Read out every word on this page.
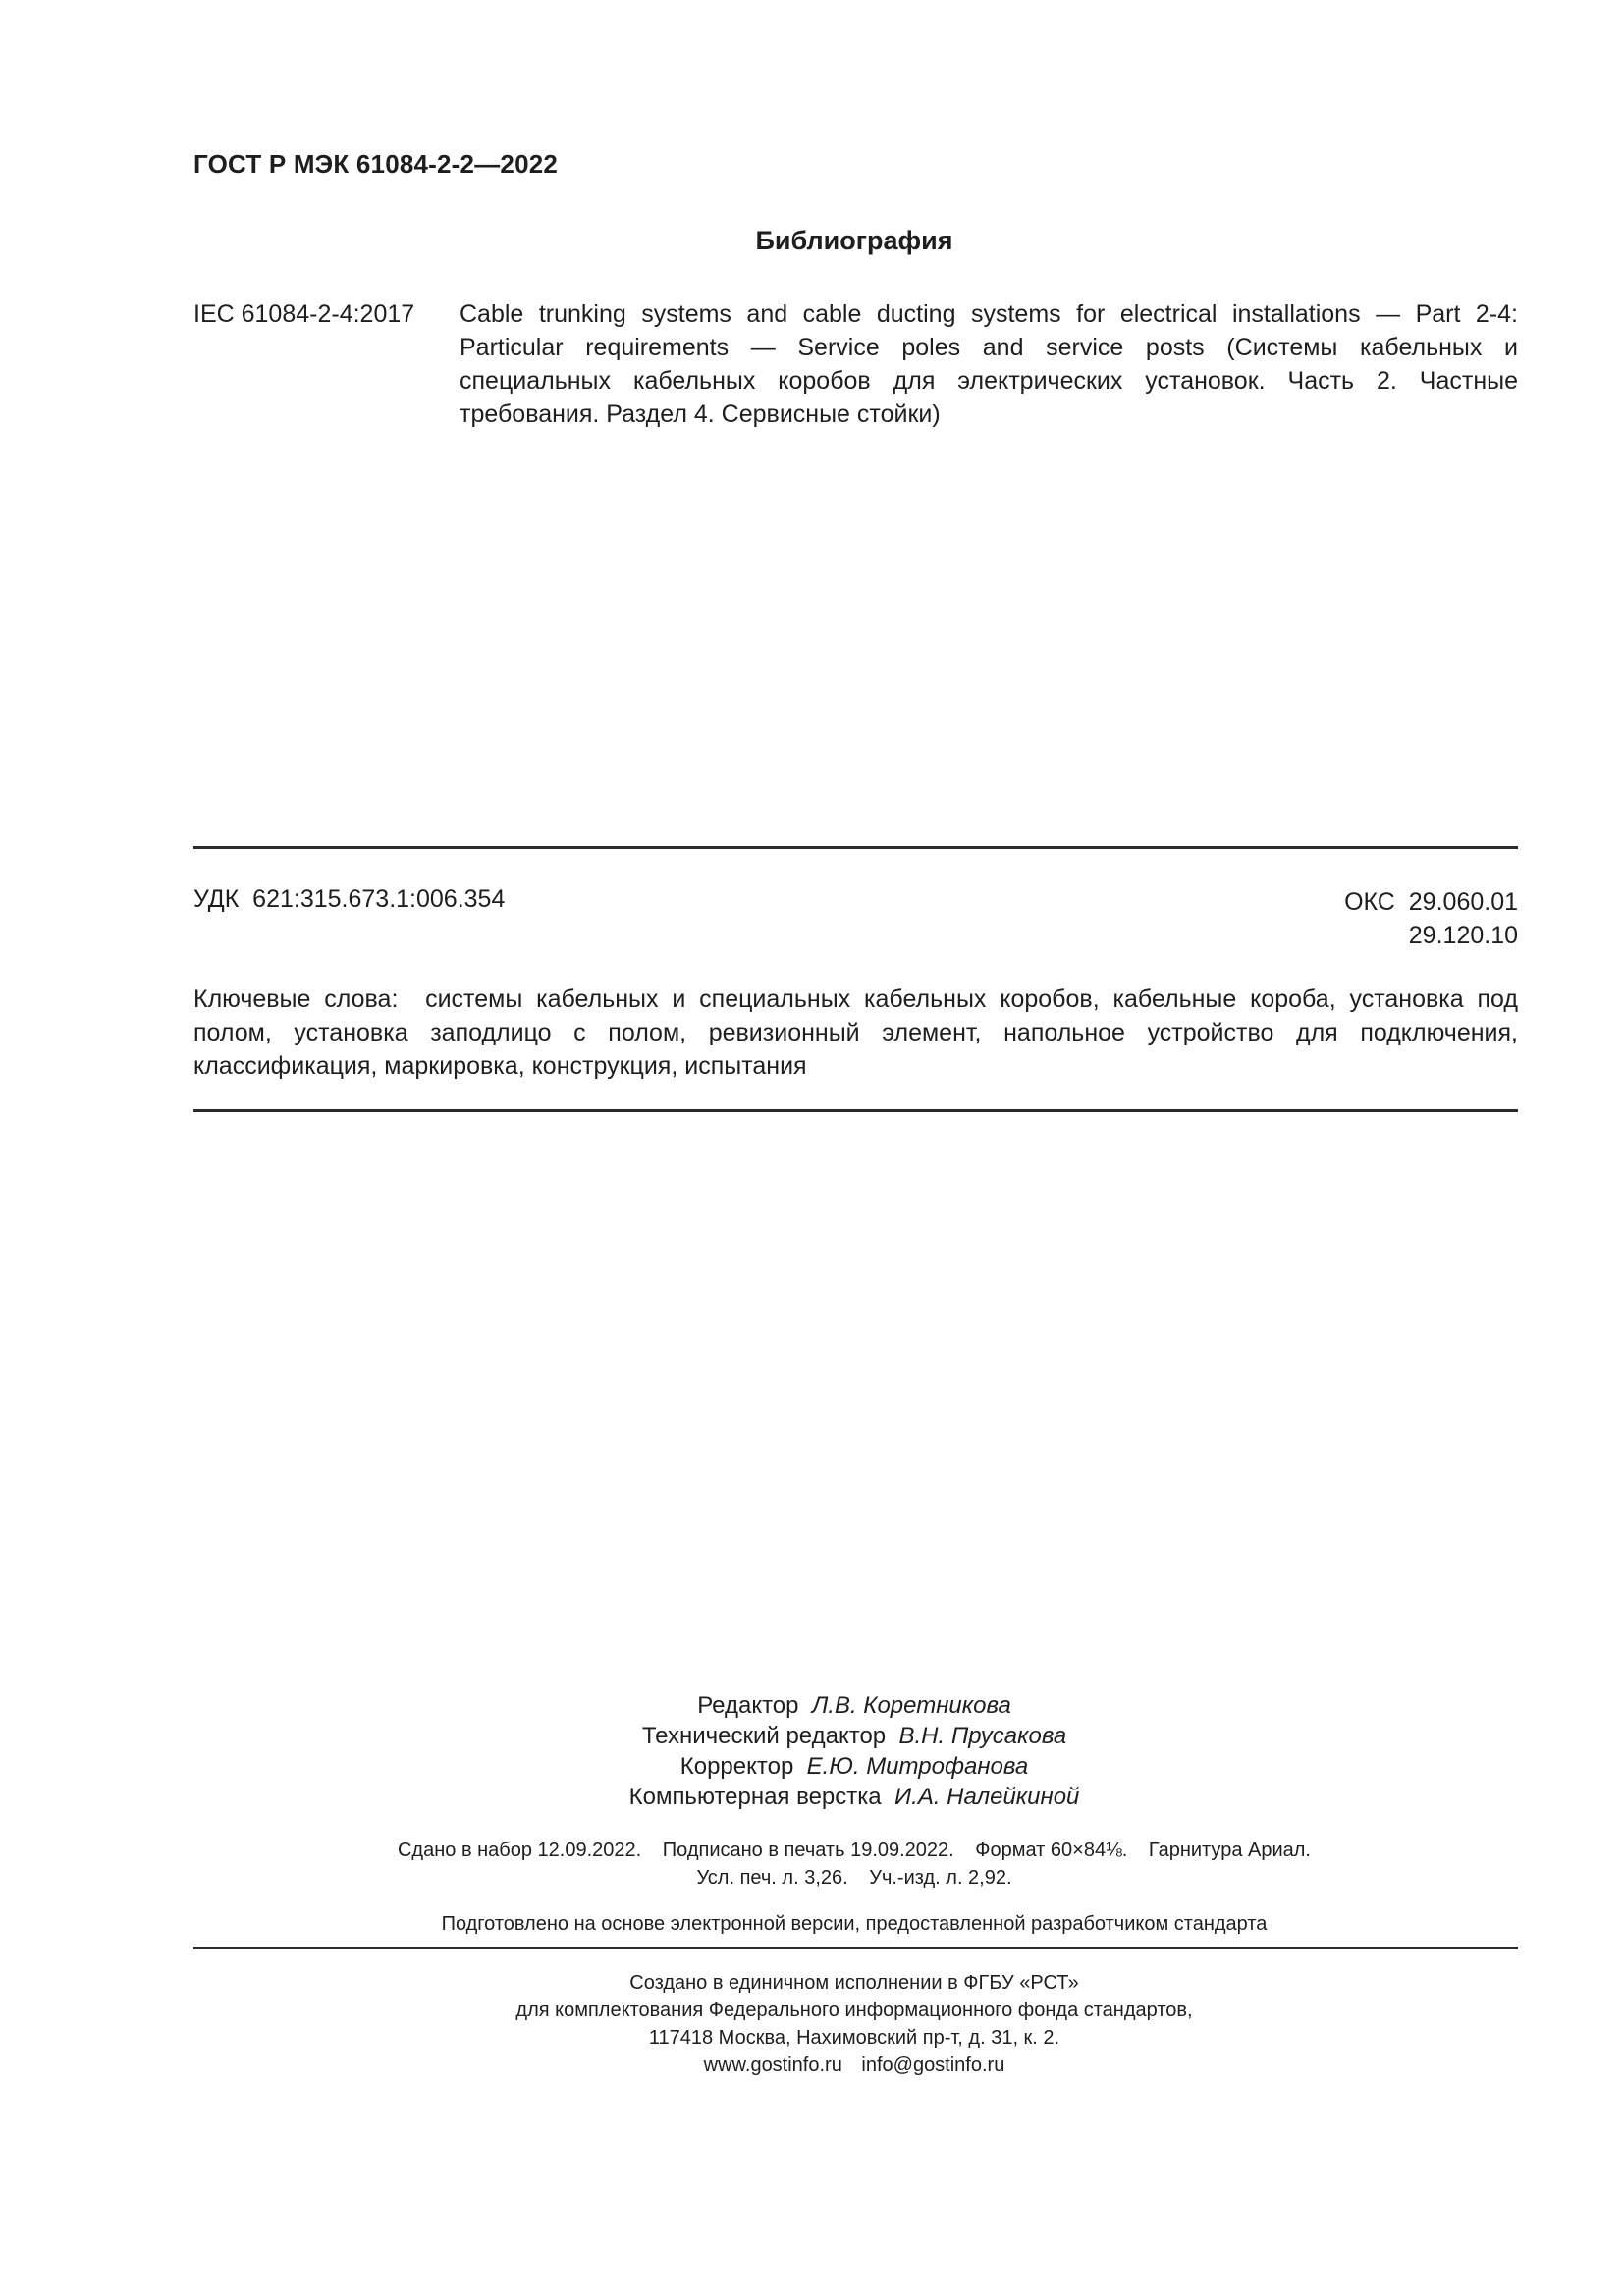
ГОСТ Р МЭК 61084-2-2—2022
Библиография
IEC 61084-2-4:2017	Cable trunking systems and cable ducting systems for electrical installations — Part 2-4: Particular requirements — Service poles and service posts (Системы кабельных и специальных кабельных коробов для электрических установок. Часть 2. Частные требования. Раздел 4. Сервисные стойки)
УДК 621:315.673.1:006.354	ОКС 29.060.01
29.120.10
Ключевые слова: системы кабельных и специальных кабельных коробов, кабельные короба, установка под полом, установка заподлицо с полом, ревизионный элемент, напольное устройство для подключения, классификация, маркировка, конструкция, испытания
Редактор Л.В. Коретникова
Технический редактор В.Н. Прусакова
Корректор Е.Ю. Митрофанова
Компьютерная верстка И.А. Налейкиной
Сдано в набор 12.09.2022. Подписано в печать 19.09.2022. Формат 60×84⅛. Гарнитура Ариал.
Усл. печ. л. 3,26. Уч.-изд. л. 2,92.
Подготовлено на основе электронной версии, предоставленной разработчиком стандарта
Создано в единичном исполнении в ФГБУ «РСТ»
для комплектования Федерального информационного фонда стандартов,
117418 Москва, Нахимовский пр-т, д. 31, к. 2.
www.gostinfo.ru info@gostinfo.ru
